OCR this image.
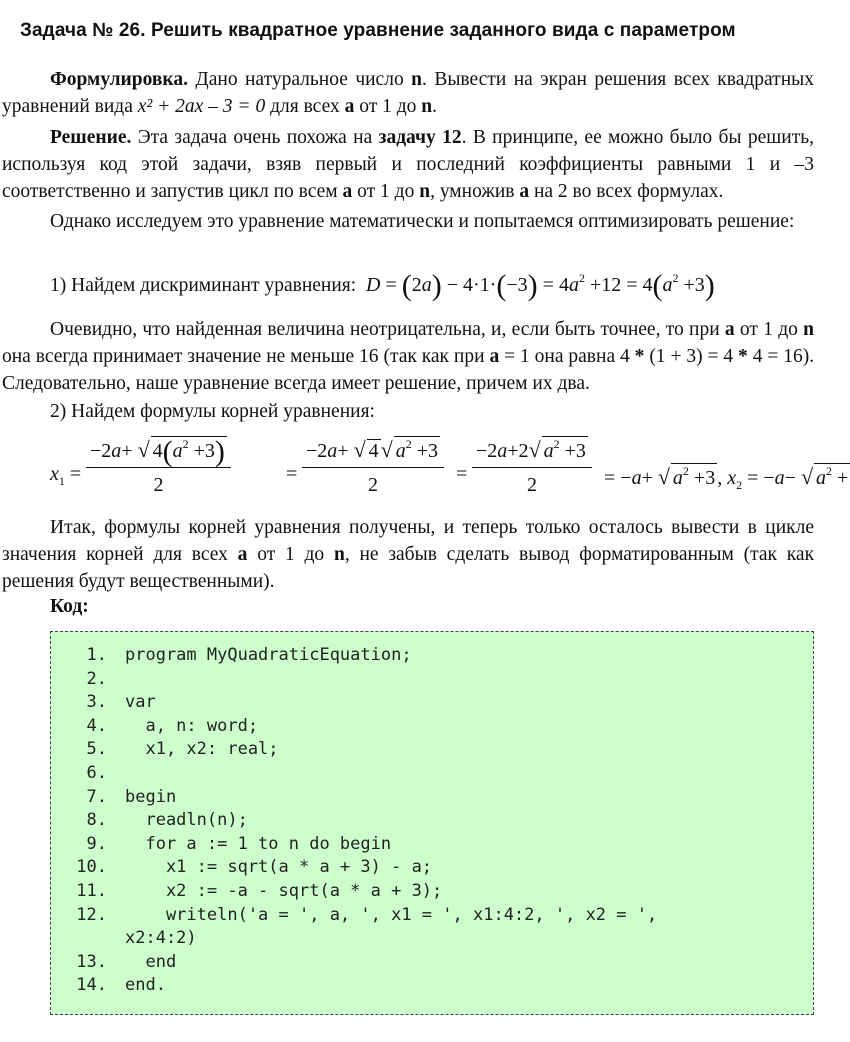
Задача № 26. Решить квадратное уравнение заданного вида с параметром

Формулировка. Дано натуральное число n. Вывести на экран решения всех квадратных уравнений вида x² + 2ax – 3 = 0 для всех а от 1 до n.

Решение. Эта задача очень похожа на задачу 12. В принципе, ее можно было бы решить, используя код этой задачи, взяв первый и последний коэффициенты равными 1 и –3 соответственно и запустив цикл по всем а от 1 до n, умножив а на 2 во всех формулах.

Однако исследуем это уравнение математически и попытаемся оптимизировать решение:

1) Найдем дискриминант уравнения: $D = (2a) - 4\cdot 1\cdot(-3) = 4a^2 +12 = 4(a^2 +3)$

Очевидно, что найденная величина неотрицательна, и, если быть точнее, то при а от 1 до n она всегда принимает значение не меньше 16 (так как при а = 1 она равна 4 * (1 + 3) = 4 * 4 = 16). Следовательно, наше уравнение всегда имеет решение, причем их два.

2) Найдем формулы корней уравнения:
$x_1 = \frac{-2a+ √ 4(a^2 +3)}{2}$	= $\frac{-2a+ √ 4√ a^2 +3}{2} = \frac{-2a+2√ a^2 +3}{2} = -a+$ √ $a^2 +3$ , $x_2 = -a-$ √ $a^2$ +

Итак, формулы корней уравнения получены, и теперь только осталось вывести в цикле значения корней для всех а от 1 до n, не забыв сделать вывод форматированным (так как решения будут вещественными).

Код:
1. program MyQuadraticEquation;
2.
3. var
4.  a, n: word;
5.  x1, x2: real;
6.
7. begin
8.  readln(n);
9.  for a := 1 to n do begin
10.    x1 := sqrt(a * a + 3) - a;
11.    x2 := -a - sqrt(a * a + 3);
12.    writeln('a = ', a, ', x1 = ', x1:4:2, ', x2 = ',
x2:4:2)
13.  end
14. end.
